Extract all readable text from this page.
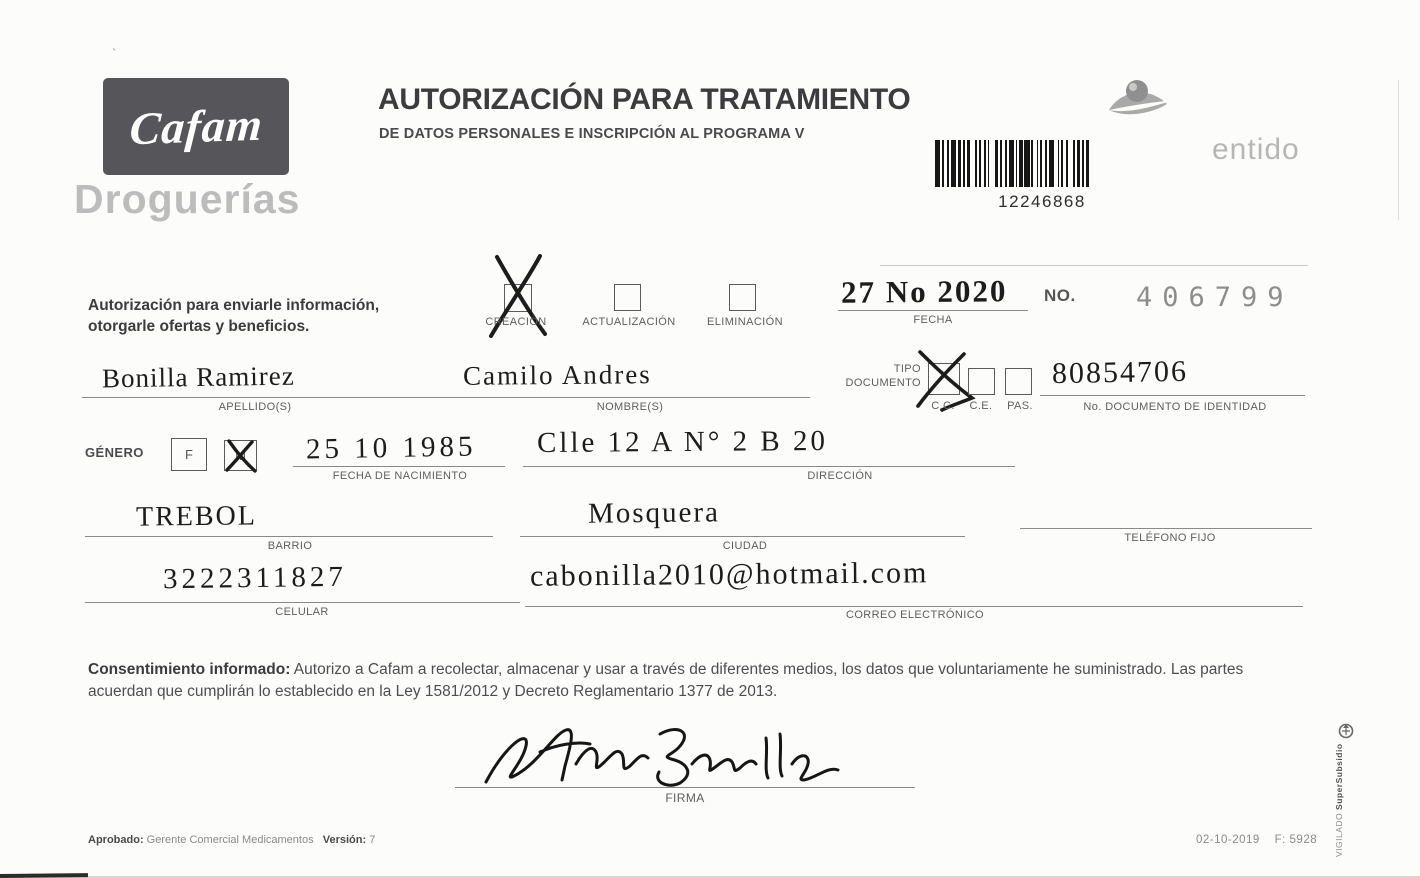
`
Cafam
Droguerías
AUTORIZACIÓN PARA TRATAMIENTO
DE DATOS PERSONALES E INSCRIPCIÓN AL PROGRAMA V	entido
12246868
Autorización para enviarle información,
otorgarle ofertas y beneficios.	CREACIÓN	ACTUALIZACIÓN	ELIMINACIÓN
27 No 2020
FECHA
NO. 406799
Bonilla Ramirez
APELLIDO(S)
Camilo Andres
NOMBRE(S)
TIPO
DOCUMENTO
C.C.	C.E.	PAS.
80854706
No. DOCUMENTO DE IDENTIDAD
GÉNERO	F	M 25 10 1985
FECHA DE NACIMIENTO
Clle 12 A N° 2 B 20
DIRECCIÓN
TREBOL
BARRIO
Mosquera
CIUDAD
TELÉFONO FIJO
3222311827
CELULAR
cabonilla2010@hotmail.com
CORREO ELECTRÓNICO
Consentimiento informado: Autorizo a Cafam a recolectar, almacenar y usar a través de diferentes medios, los datos que voluntariamente he suministrado. Las partes acuerdan que cumplirán lo establecido en la Ley 1581/2012 y Decreto Reglamentario 1377 de 2013.
FIRMA
Aprobado: Gerente Comercial Medicamentos Versión: 7	02-10-2019 F: 5928 VIGILADO SuperSubsidio
